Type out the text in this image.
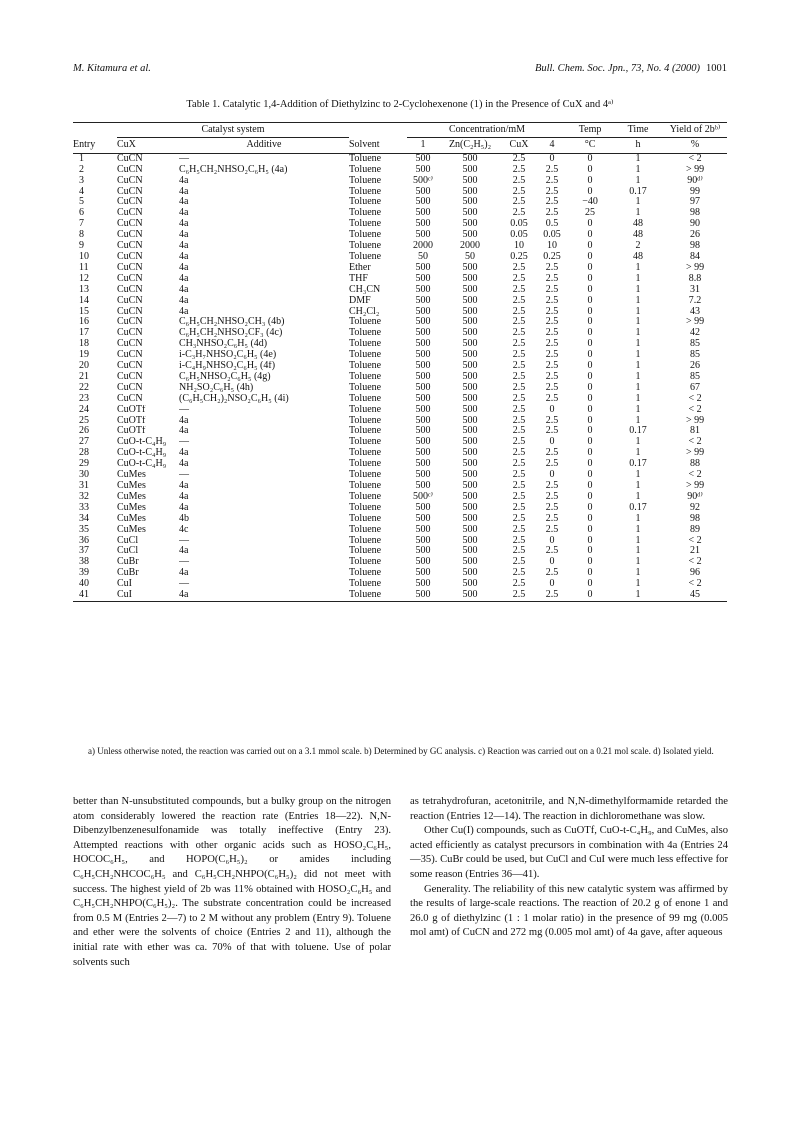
M. Kitamura et al.	Bull. Chem. Soc. Jpn., 73, No. 4 (2000) 1001
Table 1. Catalytic 1,4-Addition of Diethylzinc to 2-Cyclohexenone (1) in the Presence of CuX and 4ᵃ⁾
	Catalyst system			Concentration/mM				Temp	Time	Yield of 2bᵇ⁾
Entry	CuX	Additive	Solvent	1	Zn(C₂H₅)₂	CuX	4	°C	h	%
1	CuCN	—	Toluene	500	500	2.5	0	0	1	< 2
2	CuCN	C₆H₅CH₂NHSO₂C₆H₅ (4a)	Toluene	500	500	2.5	2.5	0	1	> 99
3	CuCN	4a	Toluene	500ᶜ⁾	500	2.5	2.5	0	1	90ᵈ⁾
4	CuCN	4a	Toluene	500	500	2.5	2.5	0	0.17	99
5	CuCN	4a	Toluene	500	500	2.5	2.5	−40	1	97
6	CuCN	4a	Toluene	500	500	2.5	2.5	25	1	98
7	CuCN	4a	Toluene	500	500	0.05	0.5	0	48	90
8	CuCN	4a	Toluene	500	500	0.05	0.05	0	48	26
9	CuCN	4a	Toluene	2000	2000	10	10	0	2	98
10	CuCN	4a	Toluene	50	50	0.25	0.25	0	48	84
11	CuCN	4a	Ether	500	500	2.5	2.5	0	1	> 99
12	CuCN	4a	THF	500	500	2.5	2.5	0	1	8.8
13	CuCN	4a	CH₃CN	500	500	2.5	2.5	0	1	31
14	CuCN	4a	DMF	500	500	2.5	2.5	0	1	7.2
15	CuCN	4a	CH₂Cl₂	500	500	2.5	2.5	0	1	43
16	CuCN	C₆H₅CH₂NHSO₂CH₃ (4b)	Toluene	500	500	2.5	2.5	0	1	> 99
17	CuCN	C₆H₅CH₂NHSO₂CF₃ (4c)	Toluene	500	500	2.5	2.5	0	1	42
18	CuCN	CH₃NHSO₂C₆H₅ (4d)	Toluene	500	500	2.5	2.5	0	1	85
19	CuCN	i-C₃H₇NHSO₂C₆H₅ (4e)	Toluene	500	500	2.5	2.5	0	1	85
20	CuCN	i-C₄H₉NHSO₂C₆H₅ (4f)	Toluene	500	500	2.5	2.5	0	1	26
21	CuCN	C₆H₅NHSO₂C₆H₅ (4g)	Toluene	500	500	2.5	2.5	0	1	85
22	CuCN	NH₂SO₂C₆H₅ (4h)	Toluene	500	500	2.5	2.5	0	1	67
23	CuCN	(C₆H₅CH₂)₂NSO₂C₆H₅ (4i)	Toluene	500	500	2.5	2.5	0	1	< 2
24	CuOTf	—	Toluene	500	500	2.5	0	0	1	< 2
25	CuOTf	4a	Toluene	500	500	2.5	2.5	0	1	> 99
26	CuOTf	4a	Toluene	500	500	2.5	2.5	0	0.17	81
27	CuO-t-C₄H₉	—	Toluene	500	500	2.5	0	0	1	< 2
28	CuO-t-C₄H₉	4a	Toluene	500	500	2.5	2.5	0	1	> 99
29	CuO-t-C₄H₉	4a	Toluene	500	500	2.5	2.5	0	0.17	88
30	CuMes	—	Toluene	500	500	2.5	0	0	1	< 2
31	CuMes	4a	Toluene	500	500	2.5	2.5	0	1	> 99
32	CuMes	4a	Toluene	500ᶜ⁾	500	2.5	2.5	0	1	90ᵈ⁾
33	CuMes	4a	Toluene	500	500	2.5	2.5	0	0.17	92
34	CuMes	4b	Toluene	500	500	2.5	2.5	0	1	98
35	CuMes	4c	Toluene	500	500	2.5	2.5	0	1	89
36	CuCl	—	Toluene	500	500	2.5	0	0	1	< 2
37	CuCl	4a	Toluene	500	500	2.5	2.5	0	1	21
38	CuBr	—	Toluene	500	500	2.5	0	0	1	< 2
39	CuBr	4a	Toluene	500	500	2.5	2.5	0	1	96
40	CuI	—	Toluene	500	500	2.5	0	0	1	< 2
41	CuI	4a	Toluene	500	500	2.5	2.5	0	1	45
a) Unless otherwise noted, the reaction was carried out on a 3.1 mmol scale. b) Determined by GC analysis. c) Reaction was carried out on a 0.21 mol scale. d) Isolated yield.

better than N-unsubstituted compounds, but a bulky group on the nitrogen atom considerably lowered the reaction rate (Entries 18—22). N,N-Dibenzylbenzenesulfonamide was totally ineffective (Entry 23). Attempted reactions with other organic acids such as HOSO₂C₆H₅, HOCOC₆H₅, and HOPO(C₆H₅)₂ or amides including C₆H₅CH₂NHCOC₆H₅ and C₆H₅CH₂NHPO(C₆H₅)₂ did not meet with success. The highest yield of 2b was 11% obtained with HOSO₂C₆H₅ and C₆H₅CH₂NHPO(C₆H₅)₂. The substrate concentration could be increased from 0.5 M (Entries 2—7) to 2 M without any problem (Entry 9). Toluene and ether were the solvents of choice (Entries 2 and 11), although the initial rate with ether was ca. 70% of that with toluene. Use of polar solvents such

as tetrahydrofuran, acetonitrile, and N,N-dimethylformamide retarded the reaction (Entries 12—14). The reaction in dichloromethane was slow.

Other Cu(I) compounds, such as CuOTf, CuO-t-C₄H₉, and CuMes, also acted efficiently as catalyst precursors in combination with 4a (Entries 24—35). CuBr could be used, but CuCl and CuI were much less effective for some reason (Entries 36—41).

Generality. The reliability of this new catalytic system was affirmed by the results of large-scale reactions. The reaction of 20.2 g of enone 1 and 26.0 g of diethylzinc (1 : 1 molar ratio) in the presence of 99 mg (0.005 mol amt) of CuCN and 272 mg (0.005 mol amt) of 4a gave, after aqueous
